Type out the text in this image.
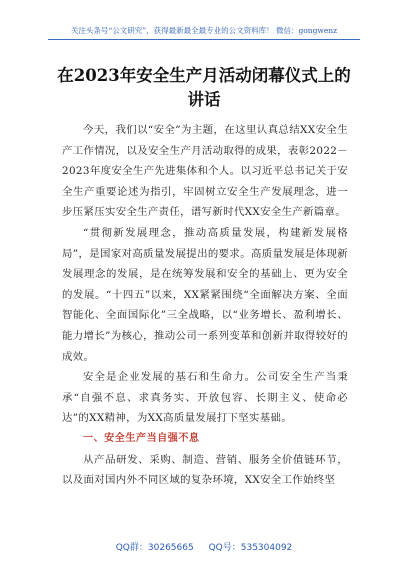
关注头条号“公文研究”，获得最新最全最专业的公文资料库！ 微信：gongwenz
在2023年安全生产月活动闭幕仪式上的
讲话

今天，我们以“安全”为主题，在这里认真总结XX安全生产工作情况，以及安全生产月活动取得的成果，表彰2022－2023年度安全生产先进集体和个人。以习近平总书记关于安全生产重要论述为指引，牢固树立安全生产发展理念，进一步压紧压实安全生产责任，谱写新时代XX安全生产新篇章。

“贯彻新发展理念，推动高质量发展，构建新发展格局”，是国家对高质量发展提出的要求。高质量发展是体现新发展理念的发展，是在统筹发展和安全的基础上、更为安全的发展。“十四五”以来，XX紧紧围绕“全面解决方案、全面智能化、全面国际化”三全战略，以“业务增长、盈利增长、能力增长”为核心，推动公司一系列变革和创新并取得较好的成效。

安全是企业发展的基石和生命力。公司安全生产当秉承“自强不息、求真务实、开放包容、长期主义、使命必达”的XX精神，为XX高质量发展打下坚实基础。

一、安全生产当自强不息

从产品研发、采购、制造、营销、服务全价值链环节，以及面对国内外不同区域的复杂环境，XX安全工作始终坚

QQ群：30265665 QQ号：535304092
